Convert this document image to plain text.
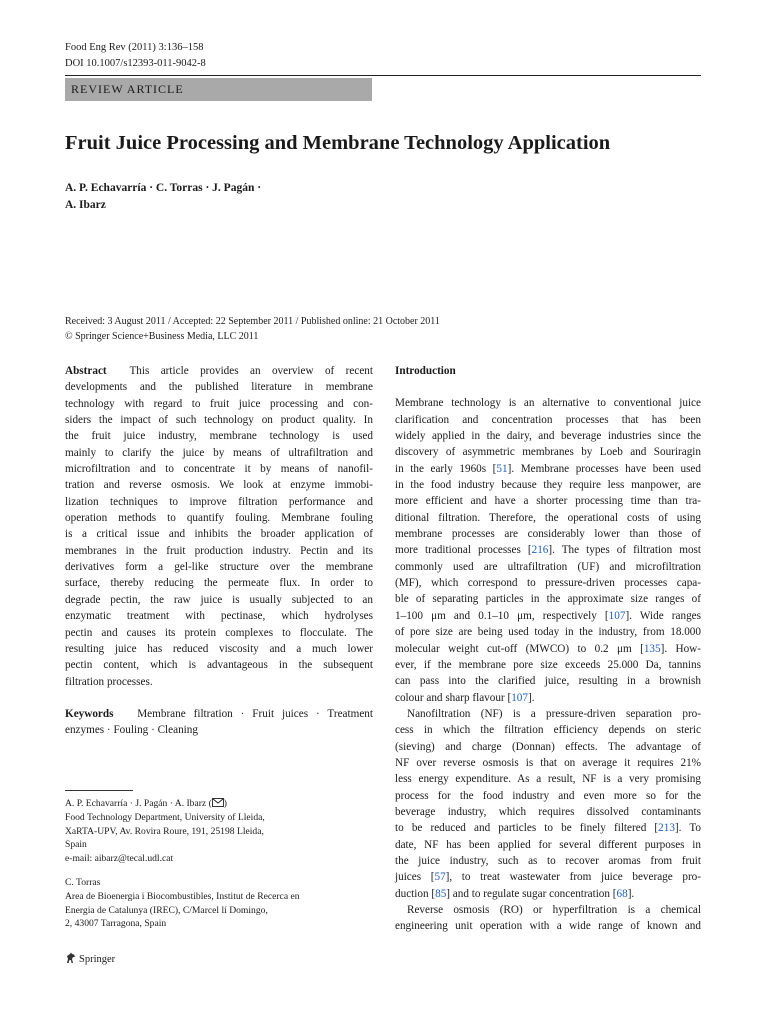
Food Eng Rev (2011) 3:136–158
DOI 10.1007/s12393-011-9042-8
REVIEW ARTICLE
Fruit Juice Processing and Membrane Technology Application
A. P. Echavarría · C. Torras · J. Pagán ·
A. Ibarz
Received: 3 August 2011 / Accepted: 22 September 2011 / Published online: 21 October 2011
© Springer Science+Business Media, LLC 2011
Abstract This article provides an overview of recent
developments and the published literature in membrane
technology with regard to fruit juice processing and con-
siders the impact of such technology on product quality. In
the fruit juice industry, membrane technology is used
mainly to clarify the juice by means of ultrafiltration and
microfiltration and to concentrate it by means of nanofil-
tration and reverse osmosis. We look at enzyme immobi-
lization techniques to improve filtration performance and
operation methods to quantify fouling. Membrane fouling
is a critical issue and inhibits the broader application of
membranes in the fruit production industry. Pectin and its
derivatives form a gel-like structure over the membrane
surface, thereby reducing the permeate flux. In order to
degrade pectin, the raw juice is usually subjected to an
enzymatic treatment with pectinase, which hydrolyses
pectin and causes its protein complexes to flocculate. The
resulting juice has reduced viscosity and a much lower
pectin content, which is advantageous in the subsequent
filtration processes.
Keywords Membrane filtration · Fruit juices · Treatment
enzymes · Fouling · Cleaning
A. P. Echavarría · J. Pagán · A. Ibarz ( )
Food Technology Department, University of Lleida,
XaRTA-UPV, Av. Rovira Roure, 191, 25198 Lleida,
Spain
e-mail: aibarz@tecal.udl.cat
C. Torras
Area de Bioenergia i Biocombustibles, Institut de Recerca en
Energia de Catalunya (IREC), C/Marcel lí Domingo,
2, 43007 Tarragona, Spain
Springer
Introduction
Membrane technology is an alternative to conventional juice
clarification and concentration processes that has been
widely applied in the dairy, and beverage industries since the
discovery of asymmetric membranes by Loeb and Souriragin
in the early 1960s [51]. Membrane processes have been used
in the food industry because they require less manpower, are
more efficient and have a shorter processing time than tra-
ditional filtration. Therefore, the operational costs of using
membrane processes are considerably lower than those of
more traditional processes [216]. The types of filtration most
commonly used are ultrafiltration (UF) and microfiltration
(MF), which correspond to pressure-driven processes capa-
ble of separating particles in the approximate size ranges of
1–100 μm and 0.1–10 μm, respectively [107]. Wide ranges
of pore size are being used today in the industry, from 18.000
molecular weight cut-off (MWCO) to 0.2 μm [135]. How-
ever, if the membrane pore size exceeds 25.000 Da, tannins
can pass into the clarified juice, resulting in a brownish
colour and sharp flavour [107].
Nanofiltration (NF) is a pressure-driven separation pro-
cess in which the filtration efficiency depends on steric
(sieving) and charge (Donnan) effects. The advantage of
NF over reverse osmosis is that on average it requires 21%
less energy expenditure. As a result, NF is a very promising
process for the food industry and even more so for the
beverage industry, which requires dissolved contaminants
to be reduced and particles to be finely filtered [213]. To
date, NF has been applied for several different purposes in
the juice industry, such as to recover aromas from fruit
juices [57], to treat wastewater from juice beverage pro-
duction [85] and to regulate sugar concentration [68].
Reverse osmosis (RO) or hyperfiltration is a chemical
engineering unit operation with a wide range of known and
